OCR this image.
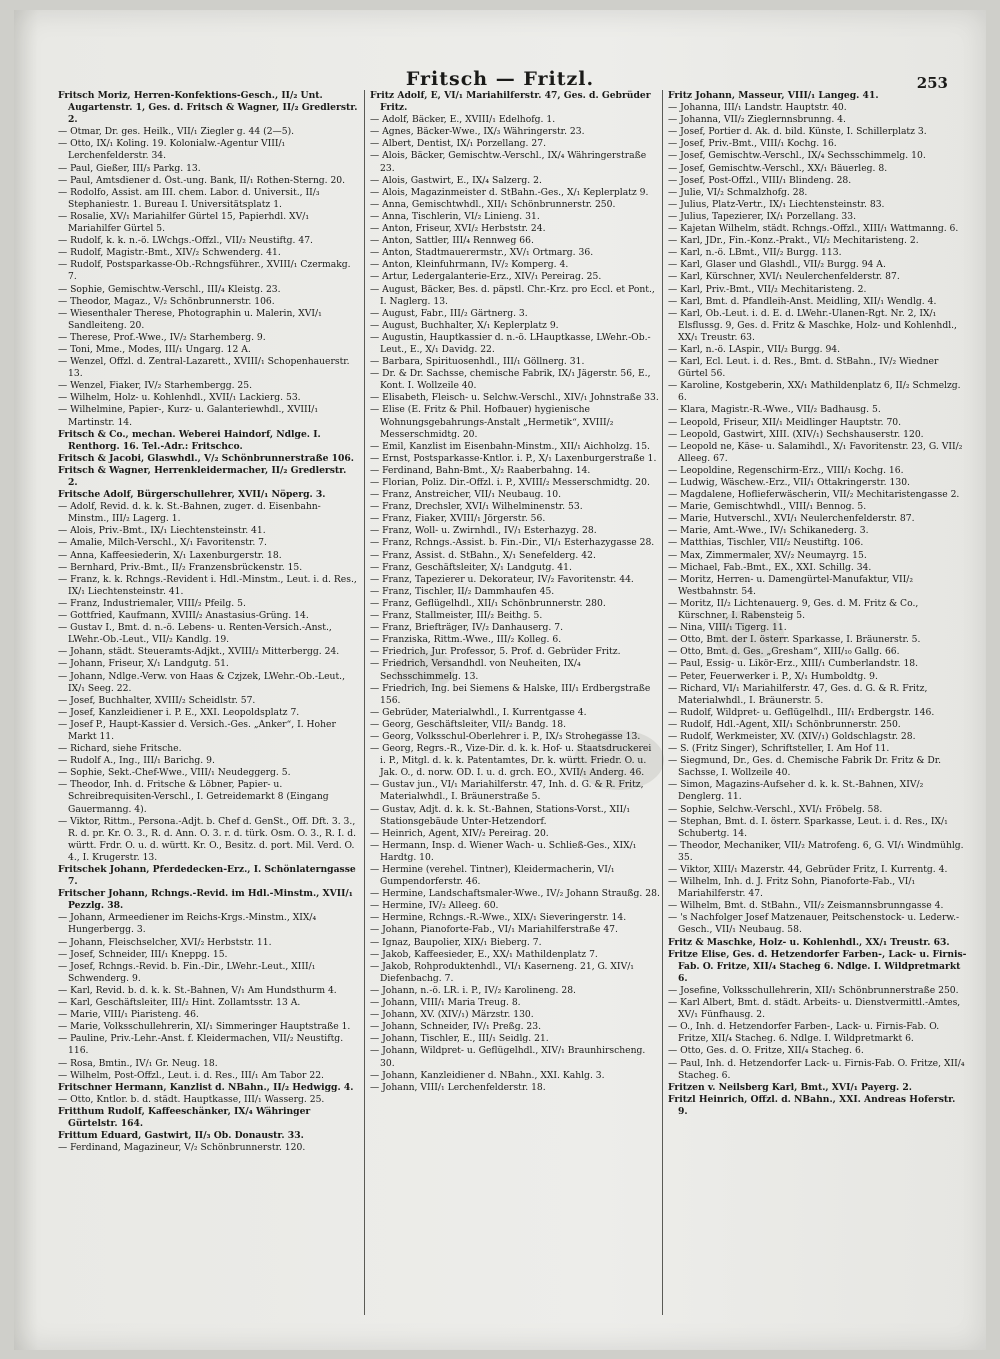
Fritsch — Fritzl.	253
Fritsch Moriz, Herren-Konfektions-Gesch., II/₂ Unt. Augartenstr. 1, Ges. d. Fritsch & Wagner, II/₂ Gredlerstr. 2.
— Otmar, Dr. ges. Heilk., VII/₁ Ziegler g. 44 (2—5).
— Otto, IX/₁ Koling. 19. Kolonialw.-Agentur VIII/₁ Lerchenfelderstr. 34.
— Paul, Gießer, III/₃ Parkg. 13.
— Paul, Amtsdiener d. Öst.-ung. Bank, II/₁ Rothen-Sterng. 20.
— Rodolfo, Assist. am III. chem. Labor. d. Universit., II/₃ Stephaniestr. 1. Bureau I. Universitätsplatz 1.
— Rosalie, XV/₁ Mariahilfer Gürtel 15, Papierhdl. XV/₁ Mariahilfer Gürtel 5.
— Rudolf, k. k. n.-ö. LWchgs.-Offzl., VII/₂ Neustiftg. 47.
— Rudolf, Magistr.-Bmt., XIV/₂ Schwenderg. 41.
— Rudolf, Postsparkasse-Ob.-Rchngsführer., XVIII/₁ Czermakg. 7.
— Sophie, Gemischtw.-Verschl., III/₄ Kleistg. 23.
— Theodor, Magaz., V/₂ Schönbrunnerstr. 106.
— Wiesenthaler Therese, Photographin u. Malerin, XVI/₁ Sandleiteng. 20.
— Therese, Prof.-Wwe., IV/₂ Starhemberg. 9.
— Toni, Mme., Modes, III/₁ Ungarg. 12 A.
— Wenzel, Offzl. d. Zentral-Lazarett., XVIII/₁ Schopenhauerstr. 13.
— Wenzel, Fiaker, IV/₂ Starhembergg. 25.
— Wilhelm, Holz- u. Kohlenhdl., XVII/₁ Lackierg. 53.
— Wilhelmine, Papier-, Kurz- u. Galanteriewhdl., XVIII/₁ Martinstr. 14.
Fritsch & Co., mechan. Weberei Haindorf, Ndlge. I. Renthorg. 16. Tel.-Adr.: Fritschco.
Fritsch & Jacobi, Glaswhdl., V/₂ Schönbrunnerstraße 106.
Fritsch & Wagner, Herrenkleidermacher, II/₂ Gredlerstr. 2.
Fritsche Adolf, Bürgerschullehrer, XVII/₁ Nöperg. 3.
— Adolf, Revid. d. k. k. St.-Bahnen, zugeт. d. Eisenbahn-Minstm., III/₂ Lagerg. 1.
— Alois, Priv.-Bmt., IX/₁ Liechtensteinstr. 41.
— Amalie, Milch-Verschl., X/₁ Favoritenstr. 7.
— Anna, Kaffeesiederin, X/₁ Laxenburgerstr. 18.
— Bernhard, Priv.-Bmt., II/₂ Franzensbrückenstr. 15.
— Franz, k. k. Rchngs.-Revident i. Hdl.-Minstm., Leut. i. d. Res., IX/₁ Liechtensteinstr. 41.
— Franz, Industriemaler, VIII/₂ Pfeilg. 5.
— Gottfried, Kaufmann, XVIII/₂ Anastasius-Grüng. 14.
— Gustav I., Bmt. d. n.-ö. Lebens- u. Renten-Versich.-Anst., LWehr.-Ob.-Leut., VII/₂ Kandlg. 19.
— Johann, städt. Steueramts-Adjkt., XVIII/₂ Mitterbergg. 24.
— Johann, Friseur, X/₁ Landgutg. 51.
— Johann, Ndlge.-Verw. von Haas & Czjzek, LWehr.-Ob.-Leut., IX/₁ Seeg. 22.
— Josef, Buchhalter, XVIII/₂ Scheidlstr. 57.
— Josef, Kanzleidiener i. P. E., XXI. Leopoldsplatz 7.
— Josef P., Haupt-Kassier d. Versich.-Ges. „Anker“, I. Hoher Markt 11.
— Richard, siehe Fritsche.
— Rudolf A., Ing., III/₁ Barichg. 9.
— Sophie, Sekt.-Chef-Wwe., VIII/₁ Neudeggerg. 5.
— Theodor, Inh. d. Fritsche & Löbner, Papier- u. Schreibrequisiten-Verschl., I. Getreidemarkt 8 (Eingang Gauermanng. 4).
— Viktor, Rittm., Persona.-Adjt. b. Chef d. GenSt., Off. Dft. 3. 3., R. d. pr. Kr. O. 3., R. d. Ann. O. 3. r. d. türk. Osm. O. 3., R. I. d. württ. Frdr. O. u. d. württ. Kr. O., Besitz. d. port. Mil. Verd. O. 4., I. Krugerstr. 13.
Fritschek Johann, Pferdedecken-Erz., I. Schönlaterngasse 7.
Fritscher Johann, Rchngs.-Revid. im Hdl.-Minstm., XVII/₁ Pezzlg. 38.
— Johann, Armeediener im Reichs-Krgs.-Minstm., XIX/₄ Hungerbergg. 3.
— Johann, Fleischselcher, XVI/₂ Herbststr. 11.
— Josef, Schneider, III/₁ Kneppg. 15.
— Josef, Rchngs.-Revid. b. Fin.-Dir., LWehr.-Leut., XIII/₁ Schwenderg. 9.
— Karl, Revid. b. d. k. k. St.-Bahnen, V/₁ Am Hundsthurm 4.
— Karl, Geschäftsleiter, III/₂ Hint. Zollamtsstr. 13 A.
— Marie, VIII/₁ Piaristeng. 46.
— Marie, Volksschullehrerin, XI/₁ Simmeringer Hauptstraße 1.
— Pauline, Priv.-Lehr.-Anst. f. Kleidermachen, VII/₂ Neustiftg. 116.
— Rosa, Bmtin., IV/₁ Gr. Neug. 18.
— Wilhelm, Post-Offzl., Leut. i. d. Res., III/₁ Am Tabor 22.
Fritschner Hermann, Kanzlist d. NBahn., II/₂ Hedwigg. 4.
— Otto, Kntlor. b. d. städt. Hauptkasse, III/₁ Wasserg. 25.
Fritthum Rudolf, Kaffeeschänker, IX/₄ Währinger Gürtelstr. 164.
Frittum Eduard, Gastwirt, II/₃ Ob. Donaustr. 33.
— Ferdinand, Magazineur, V/₂ Schönbrunnerstr. 120.
Fritz Adolf, E, VI/₁ Mariahilferstr. 47, Ges. d. Gebrüder Fritz.
— Adolf, Bäcker, E., XVIII/₁ Edelhofg. 1.
— Agnes, Bäcker-Wwe., IX/₃ Währingerstr. 23.
— Albert, Dentist, IX/₁ Porzellang. 27.
— Alois, Bäcker, Gemischtw.-Verschl., IX/₄ Währingerstraße 23.
— Alois, Gastwirt, E., IX/₄ Salzerg. 2.
— Alois, Magazinmeister d. StBahn.-Ges., X/₁ Keplerplatz 9.
— Anna, Gemischtwhdl., XII/₁ Schönbrunnerstr. 250.
— Anna, Tischlerin, VI/₂ Linieng. 31.
— Anton, Friseur, XVI/₂ Herbststr. 24.
— Anton, Sattler, III/₄ Rennweg 66.
— Anton, Stadtmauerermstr., XV/₁ Ortmarg. 36.
— Anton, Kleinfuhrmann, IV/₂ Komperg. 4.
— Artur, Ledergalanterie-Erz., XIV/₁ Pereirag. 25.
— August, Bäcker, Bes. d. päpstl. Chr.-Krz. pro Eccl. et Pont., I. Naglerg. 13.
— August, Fabr., III/₂ Gärtnerg. 3.
— August, Buchhalter, X/₁ Keplerplatz 9.
— Augustin, Hauptkassier d. n.-ö. LHauptkasse, LWehr.-Ob.-Leut., E., X/₁ Davidg. 22.
— Barbara, Spirituosenhdl., III/₁ Göllnerg. 31.
— Dr. & Dr. Sachsse, chemische Fabrik, IX/₁ Jägerstr. 56, E., Kont. I. Wollzeile 40.
— Elisabeth, Fleisch- u. Selchw.-Verschl., XIV/₁ Johnstraße 33.
— Elise (E. Fritz & Phil. Hofbauer) hygienische Wohnungsgebahrungs-Anstalt „Hermetik“, XVIII/₂ Messerschmidtg. 20.
— Emil, Kanzlist im Eisenbahn-Minstm., XII/₁ Aichholzg. 15.
— Ernst, Postsparkasse-Kntlor. i. P., X/₁ Laxenburgerstraße 1.
— Ferdinand, Bahn-Bmt., X/₂ Raaberbahng. 14.
— Florian, Poliz. Dir.-Offzl. i. P., XVIII/₂ Messerschmidtg. 20.
— Franz, Anstreicher, VII/₁ Neubaug. 10.
— Franz, Drechsler, XVI/₁ Wilhelminenstr. 53.
— Franz, Fiaker, XVIII/₁ Jörgerstr. 56.
— Franz, Woll- u. Zwirnhdl., IV/₁ Esterhazyg. 28.
— Franz, Rchngs.-Assist. b. Fin.-Dir., VI/₁ Esterhazygasse 28.
— Franz, Assist. d. StBahn., X/₁ Senefelderg. 42.
— Franz, Geschäftsleiter, X/₁ Landgutg. 41.
— Franz, Tapezierer u. Dekorateur, IV/₂ Favoritenstr. 44.
— Franz, Tischler, II/₂ Dammhaufen 45.
— Franz, Geflügelhdl., XII/₁ Schönbrunnerstr. 280.
— Franz, Stallmeister, III/₂ Beithg. 5.
— Franz, Briefträger, IV/₂ Danhauserg. 7.
— Franziska, Rittm.-Wwe., III/₂ Kolleg. 6.
— Friedrich, Jur. Professor, 5. Prof. d. Gebrüder Fritz.
— Friedrich, Versandhdl. von Neuheiten, IX/₄ Sechsschimmelg. 13.
— Friedrich, Ing. bei Siemens & Halske, III/₁ Erdbergstraße 156.
— Gebrüder, Materialwhdl., I. Kurrentgasse 4.
— Georg, Geschäftsleiter, VII/₂ Bandg. 18.
— Georg, Volksschul-Oberlehrer i. P., IX/₃ Strohegasse 13.
— Georg, Regrs.-R., Vize-Dir. d. k. k. Hof- u. Staatsdruckerei i. P., Mitgl. d. k. k. Patentamtes, Dr. k. württ. Friedr. O. u. Jak. O., d. norw. OD. I. u. d. grch. EO., XVII/₁ Anderg. 46.
— Gustav jun., VI/₁ Mariahilferstr. 47, Inh. d. G. & R. Fritz, Materialwhdl., I. Bräunerstraße 5.
— Gustav, Adjt. d. k. k. St.-Bahnen, Stations-Vorst., XII/₁ Stationsgebäude Unter-Hetzendorf.
— Heinrich, Agent, XIV/₂ Pereirag. 20.
— Hermann, Insp. d. Wiener Wach- u. Schließ-Ges., XIX/₁ Hardtg. 10.
— Hermine (verehel. Tintner), Kleidermacherin, VI/₁ Gumpendorferstr. 46.
— Hermine, Landschaftsmaler-Wwe., IV/₂ Johann Straußg. 28.
— Hermine, IV/₂ Alleeg. 60.
— Hermine, Rchngs.-R.-Wwe., XIX/₁ Sieveringerstr. 14.
— Johann, Pianoforte-Fab., VI/₁ Mariahilferstraße 47.
— Ignaz, Baupolier, XIX/₁ Bieberg. 7.
— Jakob, Kaffeesieder, E., XX/₁ Mathildenplatz 7.
— Jakob, Rohproduktenhdl., VI/₁ Kaserneng. 21, G. XIV/₁ Diefenbachg. 7.
— Johann, n.-ö. LR. i. P., IV/₂ Karolineng. 28.
— Johann, VIII/₁ Maria Treug. 8.
— Johann, XV. (XIV/₁) Märzstr. 130.
— Johann, Schneider, IV/₁ Preßg. 23.
— Johann, Tischler, E., III/₁ Seidlg. 21.
— Johann, Wildpret- u. Geflügelhdl., XIV/₁ Braunhirscheng. 30.
— Johann, Kanzleidiener d. NBahn., XXI. Kahlg. 3.
— Johann, VIII/₁ Lerchenfelderstr. 18.
Fritz Johann, Masseur, VIII/₁ Langeg. 41.
— Johanna, III/₁ Landstr. Hauptstr. 40.
— Johanna, VII/₂ Zieglernnsbrunng. 4.
— Josef, Portier d. Ak. d. bild. Künste, I. Schillerplatz 3.
— Josef, Priv.-Bmt., VIII/₁ Kochg. 16.
— Josef, Gemischtw.-Verschl., IX/₄ Sechsschimmelg. 10.
— Josef, Gemischtw.-Verschl., XX/₁ Bäuerleg. 8.
— Josef, Post-Offzl., VIII/₁ Blindeng. 28.
— Julie, VI/₂ Schmalzhofg. 28.
— Julius, Platz-Vertr., IX/₁ Liechtensteinstr. 83.
— Julius, Tapezierer, IX/₁ Porzellang. 33.
— Kajetan Wilhelm, städt. Rchngs.-Offzl., XIII/₁ Wattmanng. 6.
— Karl, JDr., Fin.-Konz.-Prakt., VI/₂ Mechitaristeng. 2.
— Karl, n.-ö. LBmt., VII/₂ Burgg. 113.
— Karl, Glaser und Glashdl., VII/₂ Burgg. 94 A.
— Karl, Kürschner, XVI/₁ Neulerchenfelderstr. 87.
— Karl, Priv.-Bmt., VII/₂ Mechitaristeng. 2.
— Karl, Bmt. d. Pfandleih-Anst. Meidling, XII/₁ Wendlg. 4.
— Karl, Ob.-Leut. i. d. E. d. LWehr.-Ulanen-Rgt. Nr. 2, IX/₁ Elsflussg. 9, Ges. d. Fritz & Maschke, Holz- und Kohlenhdl., XX/₁ Treustr. 63.
— Karl, n.-ö. LAspir., VII/₂ Burgg. 94.
— Karl, Ecl. Leut. i. d. Res., Bmt. d. StBahn., IV/₂ Wiedner Gürtel 56.
— Karoline, Kostgeberin, XX/₁ Mathildenplatz 6, II/₂ Schmelzg. 6.
— Klara, Magistr.-R.-Wwe., VII/₂ Badhausg. 5.
— Leopold, Friseur, XII/₁ Meidlinger Hauptstr. 70.
— Leopold, Gastwirt, XIII. (XIV/₁) Sechshauserstr. 120.
— Leopold ne, Käse- u. Salamihdl., X/₁ Favoritenstr. 23, G. VII/₂ Alleeg. 67.
— Leopoldine, Regenschirm-Erz., VIII/₁ Kochg. 16.
— Ludwig, Wäschew.-Erz., VII/₁ Ottakringerstr. 130.
— Magdalene, Hoflieferwäscherin, VII/₂ Mechitaristengasse 2.
— Marie, Gemischtwhdl., VIII/₁ Bennog. 5.
— Marie, Hutverschl., XVI/₁ Neulerchenfelderstr. 87.
— Marie, Amt.-Wwe., IV/₁ Schikanederg. 3.
— Matthias, Tischler, VII/₂ Neustiftg. 106.
— Max, Zimmermaler, XV/₂ Neumayrg. 15.
— Michael, Fab.-Bmt., EX., XXI. Schillg. 34.
— Moritz, Herren- u. Damengürtel-Manufaktur, VII/₂ Westbahnstr. 54.
— Moritz, II/₂ Lichtenauerg. 9, Ges. d. M. Fritz & Co., Kürschner, I. Rabensteig 5.
— Nina, VIII/₁ Tigerg. 11.
— Otto, Bmt. der I. österr. Sparkasse, I. Bräunerstr. 5.
— Otto, Bmt. d. Ges. „Gresham“, XIII/₁₀ Gallg. 66.
— Paul, Essig- u. Likör-Erz., XIII/₁ Cumberlandstr. 18.
— Peter, Feuerwerker i. P., X/₁ Humboldtg. 9.
— Richard, VI/₁ Mariahilferstr. 47, Ges. d. G. & R. Fritz, Materialwhdl., I. Bräunerstr. 5.
— Rudolf, Wildpret- u. Geflügelhdl., III/₁ Erdbergstr. 146.
— Rudolf, Hdl.-Agent, XII/₁ Schönbrunnerstr. 250.
— Rudolf, Werkmeister, XV. (XIV/₁) Goldschlagstr. 28.
— S. (Fritz Singer), Schriftsteller, I. Am Hof 11.
— Siegmund, Dr., Ges. d. Chemische Fabrik Dr. Fritz & Dr. Sachsse, I. Wollzeile 40.
— Simon, Magazins-Aufseher d. k. k. St.-Bahnen, XIV/₂ Denglerg. 11.
— Sophie, Selchw.-Verschl., XVI/₁ Fröbelg. 58.
— Stephan, Bmt. d. I. österr. Sparkasse, Leut. i. d. Res., IX/₁ Schubertg. 14.
— Theodor, Mechaniker, VII/₂ Matrofeng. 6, G. VI/₁ Windmühlg. 35.
— Viktor, XIII/₁ Mazerstr. 44, Gebrüder Fritz, I. Kurrentg. 4.
— Wilhelm, Inh. d. J. Fritz Sohn, Pianoforte-Fab., VI/₁ Mariahilferstr. 47.
— Wilhelm, Bmt. d. StBahn., VII/₂ Zeismannsbrunngasse 4.
— 's Nachfolger Josef Matzenauer, Peitschenstock- u. Lederw.-Gesch., VII/₁ Neubaug. 58.
Fritz & Maschke, Holz- u. Kohlenhdl., XX/₁ Treustr. 63.
Fritze Elise, Ges. d. Hetzendorfer Farben-, Lack- u. Firnis-Fab. O. Fritze, XII/₄ Stacheg 6. Ndlge. I. Wildpretmarkt 6.
— Josefine, Volksschullehrerin, XII/₁ Schönbrunnerstraße 250.
— Karl Albert, Bmt. d. städt. Arbeits- u. Dienstvermittl.-Amtes, XV/₁ Fünfhausg. 2.
— O., Inh. d. Hetzendorfer Farben-, Lack- u. Firnis-Fab. O. Fritze, XII/₄ Stacheg. 6. Ndlge. I. Wildpretmarkt 6.
— Otto, Ges. d. O. Fritze, XII/₄ Stacheg. 6.
— Paul, Inh. d. Hetzendorfer Lack- u. Firnis-Fab. O. Fritze, XII/₄ Stacheg. 6.
Fritzen v. Neilsberg Karl, Bmt., XVI/₁ Payerg. 2.
Fritzl Heinrich, Offzl. d. NBahn., XXI. Andreas Hoferstr. 9.
